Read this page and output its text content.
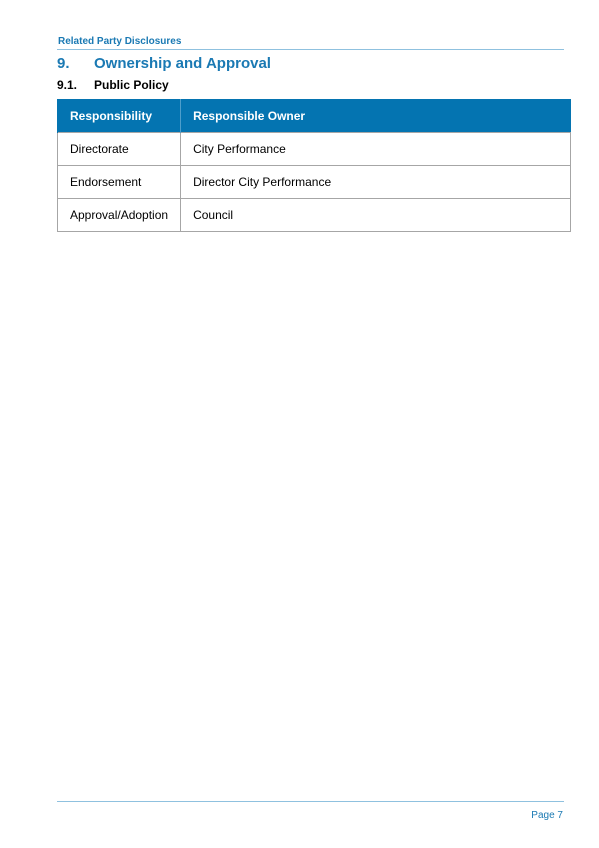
Related Party Disclosures
9. Ownership and Approval
9.1. Public Policy
Responsibility	Responsible Owner
Directorate	City Performance
Endorsement	Director City Performance
Approval/Adoption	Council
Page 7
